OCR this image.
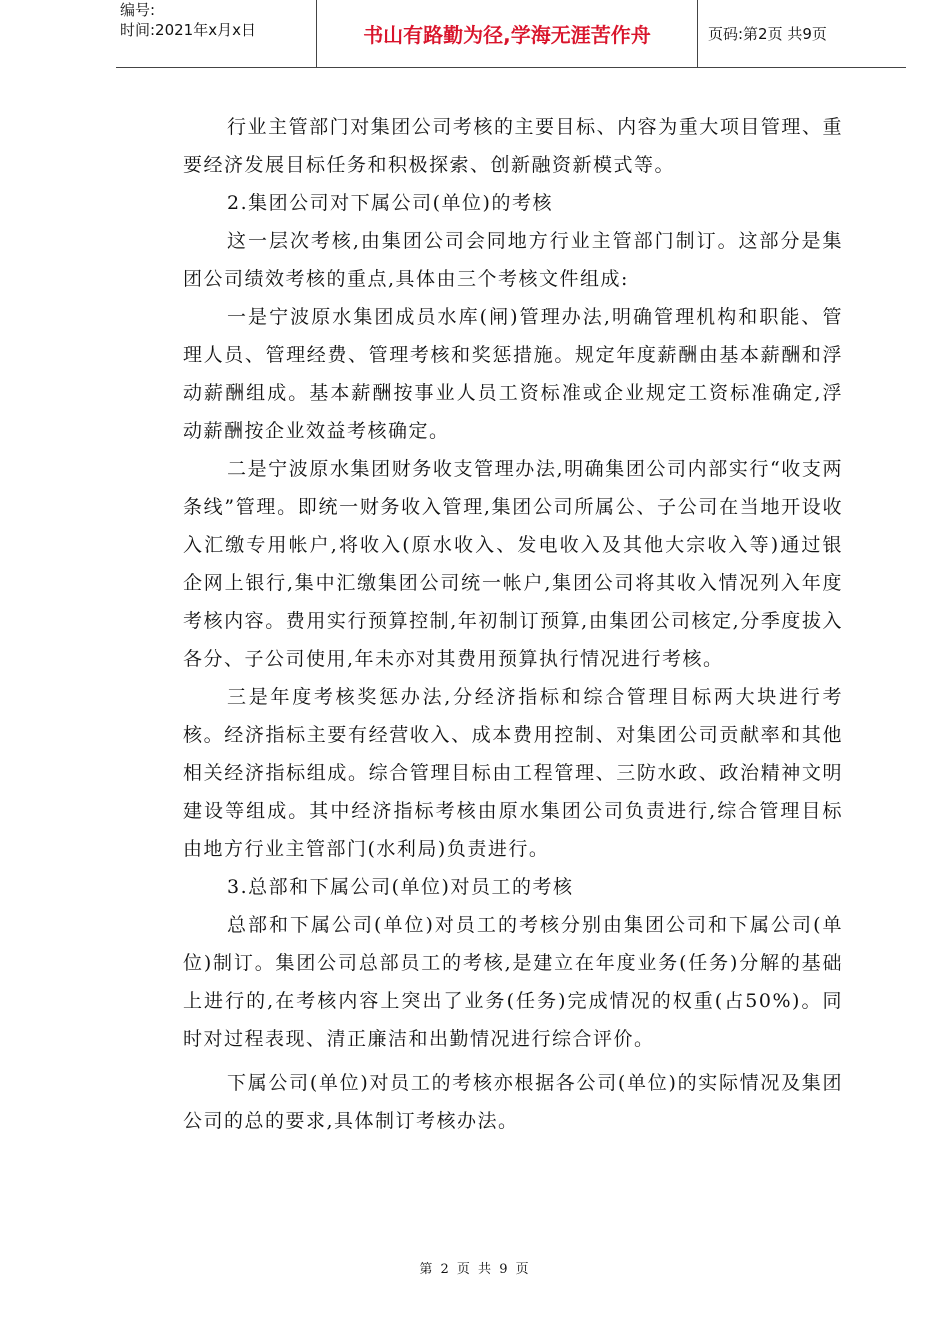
编号:
时间:2021年x月x日	书山有路勤为径,学海无涯苦作舟	页码:第2页 共9页

行业主管部门对集团公司考核的主要目标、内容为重大项目管理、重要经济发展目标任务和积极探索、创新融资新模式等。

2.集团公司对下属公司(单位)的考核

这一层次考核,由集团公司会同地方行业主管部门制订。这部分是集团公司绩效考核的重点,具体由三个考核文件组成:

一是宁波原水集团成员水库(闸)管理办法,明确管理机构和职能、管理人员、管理经费、管理考核和奖惩措施。规定年度薪酬由基本薪酬和浮动薪酬组成。基本薪酬按事业人员工资标准或企业规定工资标准确定,浮动薪酬按企业效益考核确定。

二是宁波原水集团财务收支管理办法,明确集团公司内部实行“收支两条线”管理。即统一财务收入管理,集团公司所属公、子公司在当地开设收入汇缴专用帐户,将收入(原水收入、发电收入及其他大宗收入等)通过银企网上银行,集中汇缴集团公司统一帐户,集团公司将其收入情况列入年度考核内容。费用实行预算控制,年初制订预算,由集团公司核定,分季度拔入各分、子公司使用,年未亦对其费用预算执行情况进行考核。

三是年度考核奖惩办法,分经济指标和综合管理目标两大块进行考核。经济指标主要有经营收入、成本费用控制、对集团公司贡献率和其他相关经济指标组成。综合管理目标由工程管理、三防水政、政治精神文明建设等组成。其中经济指标考核由原水集团公司负责进行,综合管理目标由地方行业主管部门(水利局)负责进行。

3.总部和下属公司(单位)对员工的考核

总部和下属公司(单位)对员工的考核分别由集团公司和下属公司(单位)制订。集团公司总部员工的考核,是建立在年度业务(任务)分解的基础上进行的,在考核内容上突出了业务(任务)完成情况的权重(占50%)。同时对过程表现、清正廉洁和出勤情况进行综合评价。

下属公司(单位)对员工的考核亦根据各公司(单位)的实际情况及集团公司的总的要求,具体制订考核办法。

第 2 页 共 9 页
